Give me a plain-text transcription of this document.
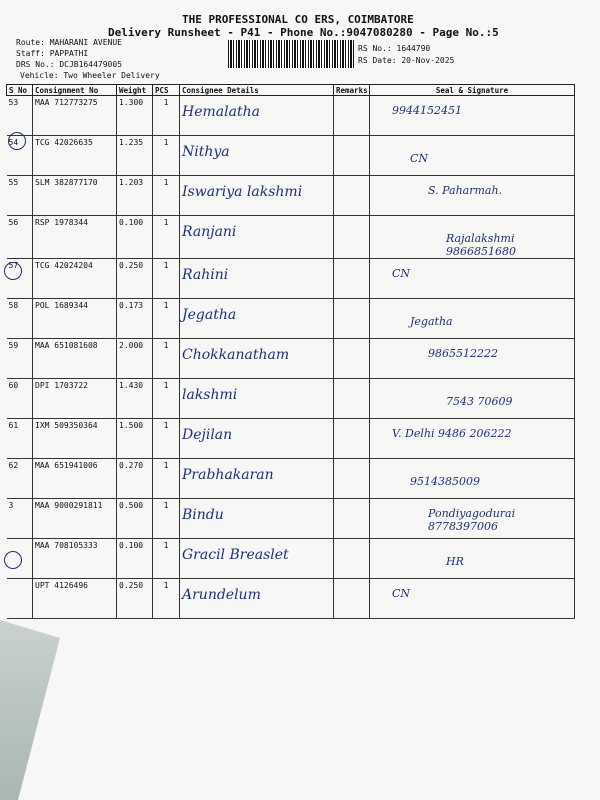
THE PROFESSIONAL CO ERS, COIMBATORE
Delivery Runsheet - P41 - Phone No.:9047080280 - Page No.:5
Route: MAHARANI AVENUE
Staff: PAPPATHI
DRS No.: DCJB164479005
Vehicle: Two Wheeler Delivery
RS No.: 1644790
RS Date: 20-Nov-2025
S No	Consignment No	Weight	PCS	Consignee Details	Remarks	Seal & Signature
53	MAA 712773275	1.300	1	Hemalatha		9944152451

54	TCG 42026635	1.235	1	Nithya		CN

55	SLM 382877170	1.203	1	Iswariya lakshmi		S. Paharmah.

56	RSP 1978344	0.100	1	Ranjani		Rajalakshmi 9866851680

57	TCG 42024204	0.250	1	Rahini		CN

58	POL 1689344	0.173	1	Jegatha		Jegatha

59	MAA 651081608	2.000	1	Chokkanatham		9865512222

60	DPI 1703722	1.430	1	lakshmi		7543 70609

61	IXM 509350364	1.500	1	Dejilan		V. Delhi 9486 206222

62	MAA 651941006	0.270	1	Prabhakaran		9514385009

3	MAA 9000291811	0.500	1	Bindu		Pondiyagodurai 8778397006

	MAA 708105333	0.100	1	Gracil Breaslet		HR

	UPT 4126496	0.250	1	Arundelum		CN
